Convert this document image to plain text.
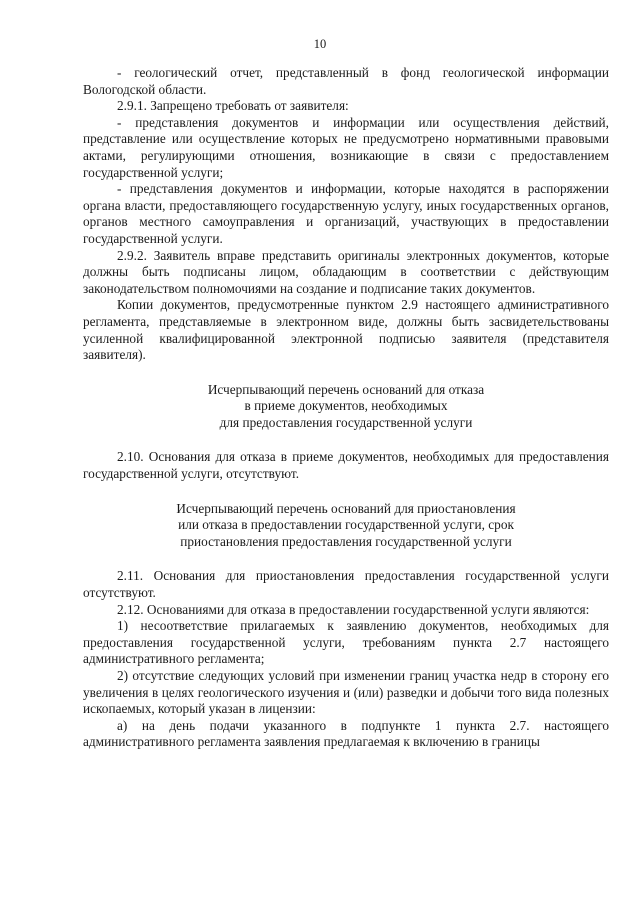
10

- геологический отчет, представленный в фонд геологической информации Вологодской области.

2.9.1. Запрещено требовать от заявителя:

- представления документов и информации или осуществления действий, представление или осуществление которых не предусмотрено нормативными правовыми актами, регулирующими отношения, возникающие в связи с предоставлением государственной услуги;

- представления документов и информации, которые находятся в распоряжении органа власти, предоставляющего государственную услугу, иных государственных органов, органов местного самоуправления и организаций, участвующих в предоставлении государственной услуги.

2.9.2. Заявитель вправе представить оригиналы электронных документов, которые должны быть подписаны лицом, обладающим в соответствии с действующим законодательством полномочиями на создание и подписание таких документов.

Копии документов, предусмотренные пунктом 2.9 настоящего административного регламента, представляемые в электронном виде, должны быть засвидетельствованы усиленной квалифицированной электронной подписью заявителя (представителя заявителя).

Исчерпывающий перечень оснований для отказа

в приеме документов, необходимых

для предоставления государственной услуги

2.10. Основания для отказа в приеме документов, необходимых для предоставления государственной услуги, отсутствуют.

Исчерпывающий перечень оснований для приостановления

или отказа в предоставлении государственной услуги, срок

приостановления предоставления государственной услуги

2.11. Основания для приостановления предоставления государственной услуги отсутствуют.

2.12. Основаниями для отказа в предоставлении государственной услуги являются:

1) несоответствие прилагаемых к заявлению документов, необходимых для предоставления государственной услуги, требованиям пункта 2.7 настоящего административного регламента;

2) отсутствие следующих условий при изменении границ участка недр в сторону его увеличения в целях геологического изучения и (или) разведки и добычи того вида полезных ископаемых, который указан в лицензии:

а) на день подачи указанного в подпункте 1 пункта 2.7. настоящего административного регламента заявления предлагаемая к включению в границы
